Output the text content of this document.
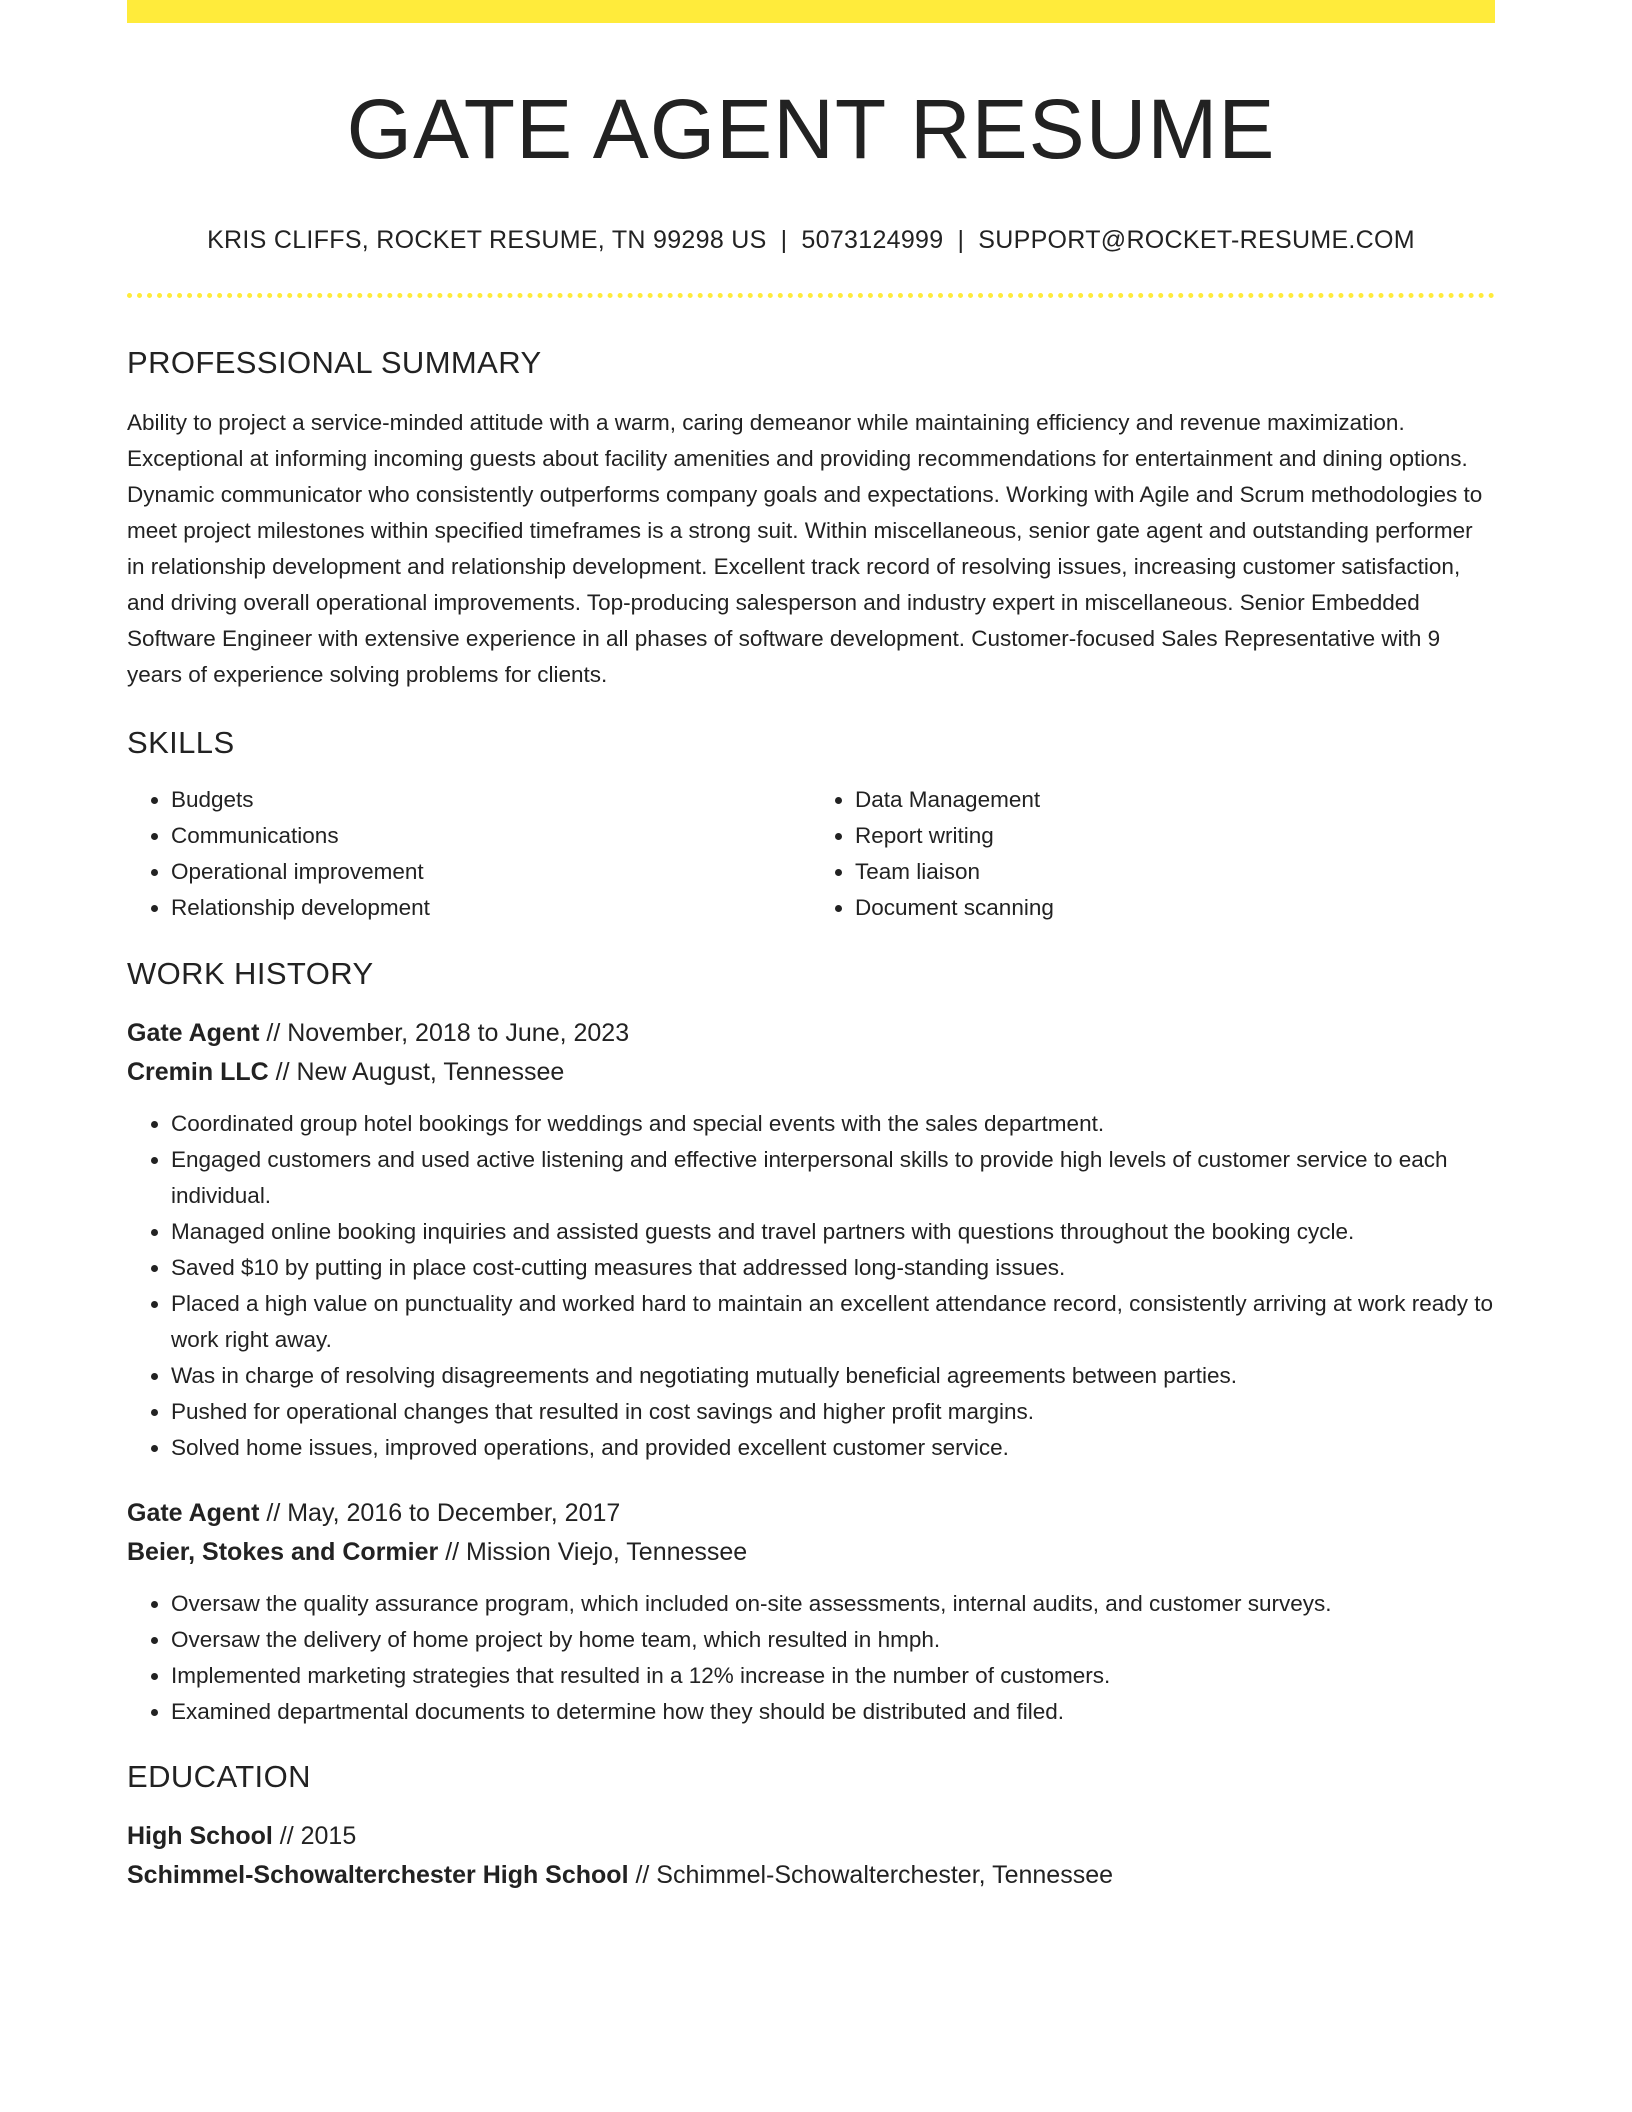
GATE AGENT RESUME
KRIS CLIFFS, ROCKET RESUME, TN 99298 US | 5073124999 | SUPPORT@ROCKET-RESUME.COM
PROFESSIONAL SUMMARY
Ability to project a service-minded attitude with a warm, caring demeanor while maintaining efficiency and revenue maximization. Exceptional at informing incoming guests about facility amenities and providing recommendations for entertainment and dining options. Dynamic communicator who consistently outperforms company goals and expectations. Working with Agile and Scrum methodologies to meet project milestones within specified timeframes is a strong suit. Within miscellaneous, senior gate agent and outstanding performer in relationship development and relationship development. Excellent track record of resolving issues, increasing customer satisfaction, and driving overall operational improvements. Top-producing salesperson and industry expert in miscellaneous. Senior Embedded Software Engineer with extensive experience in all phases of software development. Customer-focused Sales Representative with 9 years of experience solving problems for clients.
SKILLS
• Budgets
• Communications
• Operational improvement
• Relationship development
• Data Management
• Report writing
• Team liaison
• Document scanning
WORK HISTORY
Gate Agent // November, 2018 to June, 2023
Cremin LLC // New August, Tennessee
• Coordinated group hotel bookings for weddings and special events with the sales department.
• Engaged customers and used active listening and effective interpersonal skills to provide high levels of customer service to each individual.
• Managed online booking inquiries and assisted guests and travel partners with questions throughout the booking cycle.
• Saved $10 by putting in place cost-cutting measures that addressed long-standing issues.
• Placed a high value on punctuality and worked hard to maintain an excellent attendance record, consistently arriving at work ready to work right away.
• Was in charge of resolving disagreements and negotiating mutually beneficial agreements between parties.
• Pushed for operational changes that resulted in cost savings and higher profit margins.
• Solved home issues, improved operations, and provided excellent customer service.
Gate Agent // May, 2016 to December, 2017
Beier, Stokes and Cormier // Mission Viejo, Tennessee
• Oversaw the quality assurance program, which included on-site assessments, internal audits, and customer surveys.
• Oversaw the delivery of home project by home team, which resulted in hmph.
• Implemented marketing strategies that resulted in a 12% increase in the number of customers.
• Examined departmental documents to determine how they should be distributed and filed.
EDUCATION
High School // 2015
Schimmel-Schowalterchester High School // Schimmel-Schowalterchester, Tennessee
